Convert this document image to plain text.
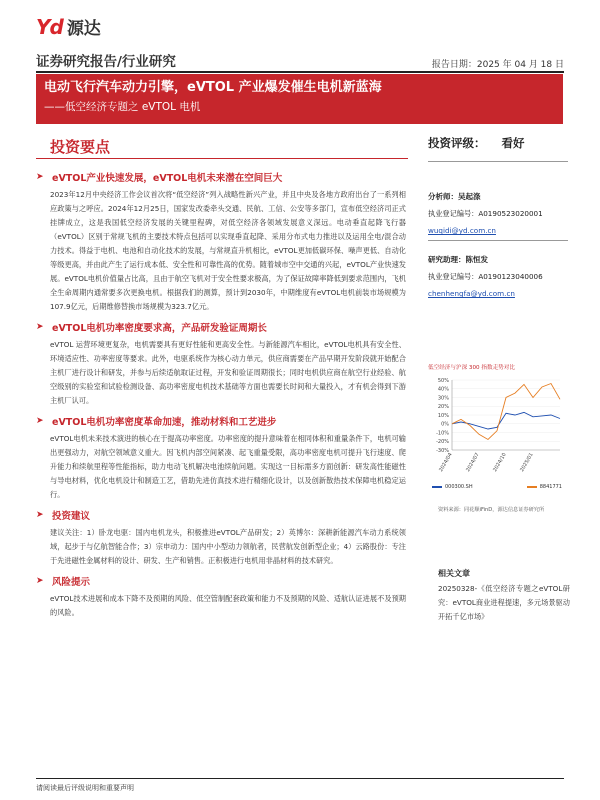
Yd 源达
证券研究报告/行业研究	报告日期：2025 年 04 月 18 日
电动飞行汽车动力引擎，eVTOL 产业爆发催生电机新蓝海
——低空经济专题之 eVTOL 电机
投资要点
➤ eVTOL产业快速发展，eVTOL电机未来潜在空间巨大

2023年12月中央经济工作会议首次将“低空经济”列入战略性新兴产业，并且中央及各地方政府出台了一系列相应政策与之呼应。2024年12月25日，国家发改委牵头交通、民航、工信、公安等多部门，宣布低空经济司正式挂牌成立，这是我国低空经济发展的关键里程碑，对低空经济各领域发展意义深远。电动垂直起降飞行器（eVTOL）区别于常规飞机的主要技术特点包括可以实现垂直起降、采用分布式电力推进以及运用全电/混合动力技术。得益于电机、电池和自动化技术的发展，与常规直升机相比，eVTOL更加低碳环保、噪声更低、自动化等级更高，并由此产生了运行成本低、安全性和可靠性高的优势。随着城市空中交通的兴起，eVTOL产业快速发展。eVTOL电机价值量占比高，且由于航空飞机对于安全性要求极高，为了保证故障率降低到要求范围内，飞机全生命周期内通常要多次更换电机。根据我们的测算，预计到2030年，中期维度有eVTOL电机前装市场规模为107.9亿元，后期维修替换市场规模为323.7亿元。

➤ eVTOL电机功率密度要求高，产品研发验证周期长

eVTOL 运营环境更复杂，电机需要具有更好性能和更高安全性。与新能源汽车相比，eVTOL电机具有安全性、环境适应性、功率密度等要求。此外，电驱系统作为核心动力单元，供应商需要在产品早期开发阶段就开始配合主机厂进行设计和研发，并参与后续适航取证过程，开发和验证周期很长；同时电机供应商在航空行业经验、航空级别的实验室和试验检测设备、高功率密度电机技术基础等方面也需要长时间和大量投入，才有机会得到下游主机厂认可。

➤ eVTOL电机功率密度革命加速，推动材料和工艺进步

eVTOL电机未来技术演进的核心在于提高功率密度。功率密度的提升意味着在相同体积和重量条件下，电机可输出更强动力，对航空领域意义重大。因飞机内部空间紧凑、起飞重量受限，高功率密度电机可提升飞行速度、爬升能力和续航里程等性能指标，助力电动飞机解决电池续航问题。实现这一目标需多方面创新：研发高性能磁性与导电材料，优化电机设计和制造工艺，借助先进仿真技术进行精细化设计，以及创新散热技术保障电机稳定运行。

➤ 投资建议

建议关注：1）卧龙电驱：国内电机龙头，积极推进eVTOL产品研发；2）英博尔：深耕新能源汽车动力系统领域，起步于与亿航智能合作；3）宗申动力：国内中小型动力领航者，民营航发创新型企业；4）云路股份：专注于先进磁性金属材料的设计、研发、生产和销售。正积极进行电机用非晶材料的技术研究。

➤ 风险提示

eVTOL技术进展和成本下降不及预期的风险、低空管制配套政策和能力不及预期的风险、适航认证进展不及预期的风险。

投资评级： 看好
分析师：吴起涤
执业登记编号：A0190523020001
wuqidi@yd.com.cn
研究助理：陈恒发
执业登记编号：A0190123040006
chenhengfa@yd.com.cn
低空经济与沪深 300 指数走势对比
-30%
-20%
-10%
0%
10%
20%
30%
40%
50%
2024/04 2024/07 2024/10 2025/01
000300.SH	8841771
资料来源：同花顺iFinD，源达信息证券研究所
相关文章
20250328-《低空经济专题之eVTOL研究：eVTOL商业进程提速，多元场景驱动开拓千亿市场》
请阅读最后评级说明和重要声明
